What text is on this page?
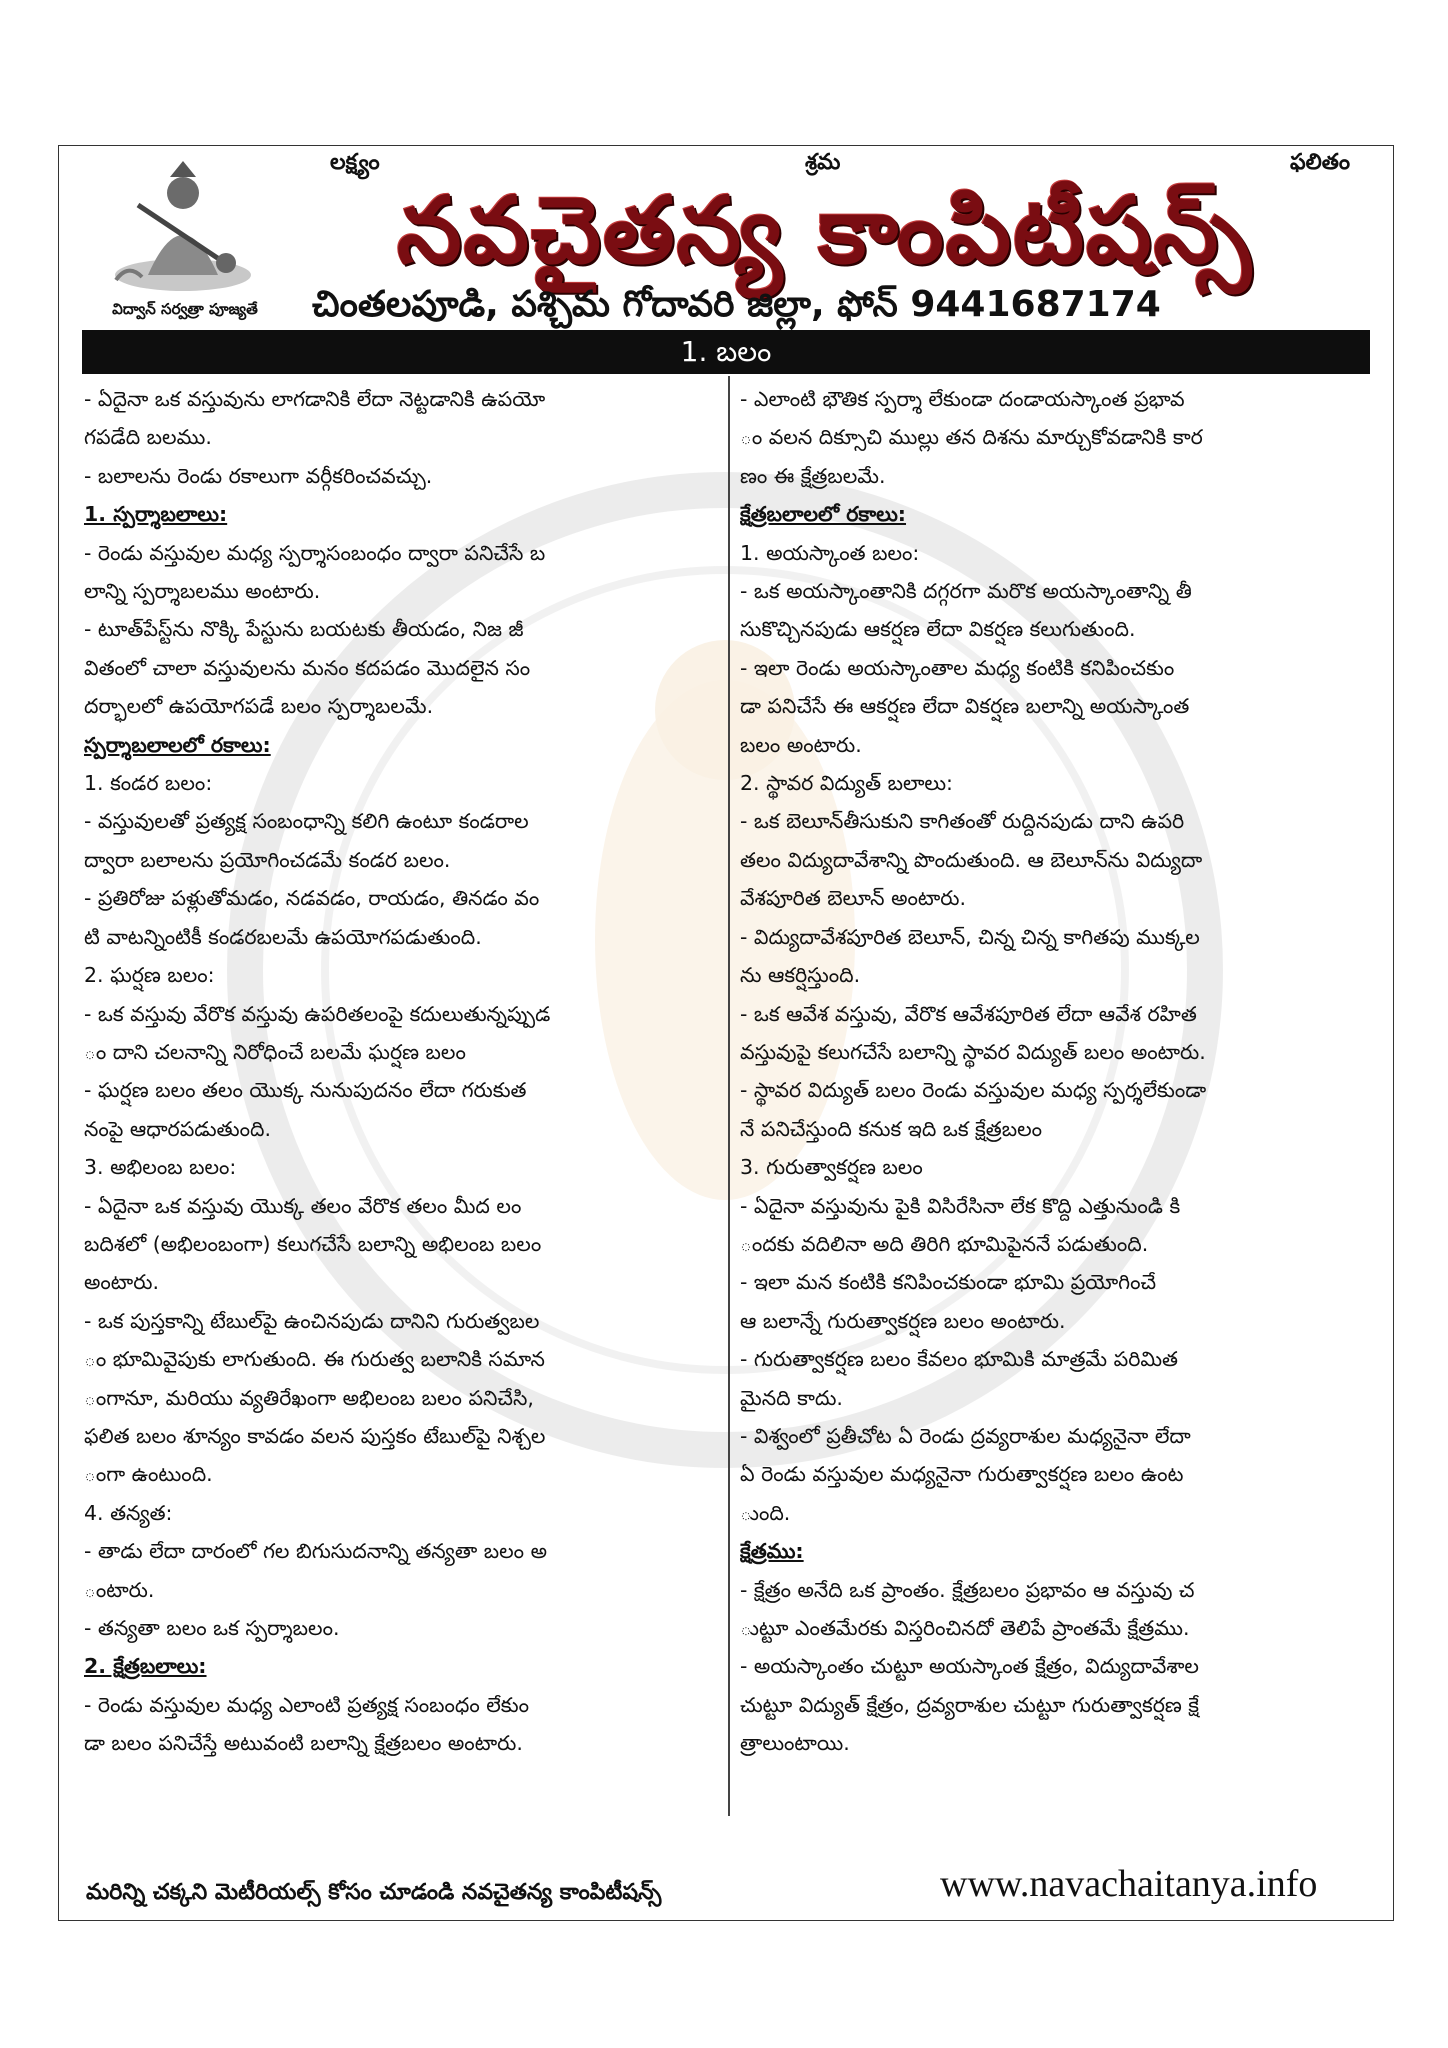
లక్ష్యం	శ్రమ	ఫలితం
విద్వాన్ సర్వత్రా పూజ్యతే
నవచైతన్య కాంపిటీషన్స్
చింతలపూడి, పశ్చిమ గోదావరి జిల్లా, ఫోన్ 9441687174
1. బలం
- ఏదైనా ఒక వస్తువును లాగడానికి లేదా నెట్టడానికి ఉపయో
గపడేది బలము.
- బలాలను రెండు రకాలుగా వర్గీకరించవచ్చు.
1. స్పర్శాబలాలు:
- రెండు వస్తువుల మధ్య స్పర్శాసంబంధం ద్వారా పనిచేసే బ
లాన్ని స్పర్శాబలము అంటారు.
- టూత్‌పేస్ట్‌ను నొక్కి పేస్టును బయటకు తీయడం, నిజ జీ
వితంలో చాలా వస్తువులను మనం కదపడం మొదలైన సం
దర్భాలలో ఉపయోగపడే బలం స్పర్శాబలమే.
స్పర్శాబలాలలో రకాలు:
1. కండర బలం:
- వస్తువులతో ప్రత్యక్ష సంబంధాన్ని కలిగి ఉంటూ కండరాల
ద్వారా బలాలను ప్రయోగించడమే కండర బలం.
- ప్రతిరోజు పళ్లుతోమడం, నడవడం, రాయడం, తినడం వం
టి వాటన్నింటికీ కండరబలమే ఉపయోగపడుతుంది.
2. ఘర్షణ బలం:
- ఒక వస్తువు వేరొక వస్తువు ఉపరితలంపై కదులుతున్నప్పుడ
ం దాని చలనాన్ని నిరోధించే బలమే ఘర్షణ బలం
- ఘర్షణ బలం తలం యొక్క నునుపుదనం లేదా గరుకుత
నంపై ఆధారపడుతుంది.
3. అభిలంబ బలం:
- ఏదైనా ఒక వస్తువు యొక్క తలం వేరొక తలం మీద లం
బదిశలో (అభిలంబంగా) కలుగచేసే బలాన్ని అభిలంబ బలం
అంటారు.
- ఒక పుస్తకాన్ని టేబుల్‌పై ఉంచినపుడు దానిని గురుత్వబల
ం భూమివైపుకు లాగుతుంది. ఈ గురుత్వ బలానికి సమాన
ంగానూ, మరియు వ్యతిరేఖంగా అభిలంబ బలం పనిచేసి,
ఫలిత బలం శూన్యం కావడం వలన పుస్తకం టేబుల్‌పై నిశ్చల
ంగా ఉంటుంది.
4. తన్యత:
- తాడు లేదా దారంలో గల బిగుసుదనాన్ని తన్యతా బలం అ
ంటారు.
- తన్యతా బలం ఒక స్పర్శాబలం.
2. క్షేత్రబలాలు:
- రెండు వస్తువుల మధ్య ఎలాంటి ప్రత్యక్ష సంబంధం లేకుం
డా బలం పనిచేస్తే అటువంటి బలాన్ని క్షేత్రబలం అంటారు.
- ఎలాంటి భౌతిక స్పర్శా లేకుండా దండాయస్కాంత ప్రభావ
ం వలన దిక్సూచి ముల్లు తన దిశను మార్చుకోవడానికి కార
ణం ఈ క్షేత్రబలమే.
క్షేత్రబలాలలో రకాలు:
1. అయస్కాంత బలం:
- ఒక అయస్కాంతానికి దగ్గరగా మరొక అయస్కాంతాన్ని తీ
సుకొచ్చినపుడు ఆకర్షణ లేదా వికర్షణ కలుగుతుంది.
- ఇలా రెండు అయస్కాంతాల మధ్య కంటికి కనిపించకుం
డా పనిచేసే ఈ ఆకర్షణ లేదా వికర్షణ బలాన్ని అయస్కాంత
బలం అంటారు.
2. స్థావర విద్యుత్ బలాలు:
- ఒక బెలూన్‌తీసుకుని కాగితంతో రుద్దినపుడు దాని ఉపరి
తలం విద్యుదావేశాన్ని పొందుతుంది. ఆ బెలూన్‌ను విద్యుదా
వేశపూరిత బెలూన్ అంటారు.
- విద్యుదావేశపూరిత బెలూన్, చిన్న చిన్న కాగితపు ముక్కల
ను ఆకర్షిస్తుంది.
- ఒక ఆవేశ వస్తువు, వేరొక ఆవేశపూరిత లేదా ఆవేశ రహిత
వస్తువుపై కలుగచేసే బలాన్ని స్థావర విద్యుత్ బలం అంటారు.
- స్థావర విద్యుత్ బలం రెండు వస్తువుల మధ్య స్పర్శలేకుండా
నే పనిచేస్తుంది కనుక ఇది ఒక క్షేత్రబలం
3. గురుత్వాకర్షణ బలం
- ఏదైనా వస్తువును పైకి విసిరేసినా లేక కొద్ది ఎత్తునుండి కి
ందకు వదిలినా అది తిరిగి భూమిపైననే పడుతుంది.
- ఇలా మన కంటికి కనిపించకుండా భూమి ప్రయోగించే
ఆ బలాన్నే గురుత్వాకర్షణ బలం అంటారు.
- గురుత్వాకర్షణ బలం కేవలం భూమికి మాత్రమే పరిమిత
మైనది కాదు.
- విశ్వంలో ప్రతీచోట ఏ రెండు ద్రవ్యరాశుల మధ్యనైనా లేదా
ఏ రెండు వస్తువుల మధ్యనైనా గురుత్వాకర్షణ బలం ఉంట
ుంది.
క్షేత్రము:
- క్షేత్రం అనేది ఒక ప్రాంతం. క్షేత్రబలం ప్రభావం ఆ వస్తువు చ
ుట్టూ ఎంతమేరకు విస్తరించినదో తెలిపే ప్రాంతమే క్షేత్రము.
- అయస్కాంతం చుట్టూ అయస్కాంత క్షేత్రం, విద్యుదావేశాల
చుట్టూ విద్యుత్ క్షేత్రం, ద్రవ్యరాశుల చుట్టూ గురుత్వాకర్షణ క్షే
త్రాలుంటాయి.
మరిన్ని చక్కని మెటీరియల్స్ కోసం చూడండి నవచైతన్య కాంపిటీషన్స్	www.navachaitanya.info
